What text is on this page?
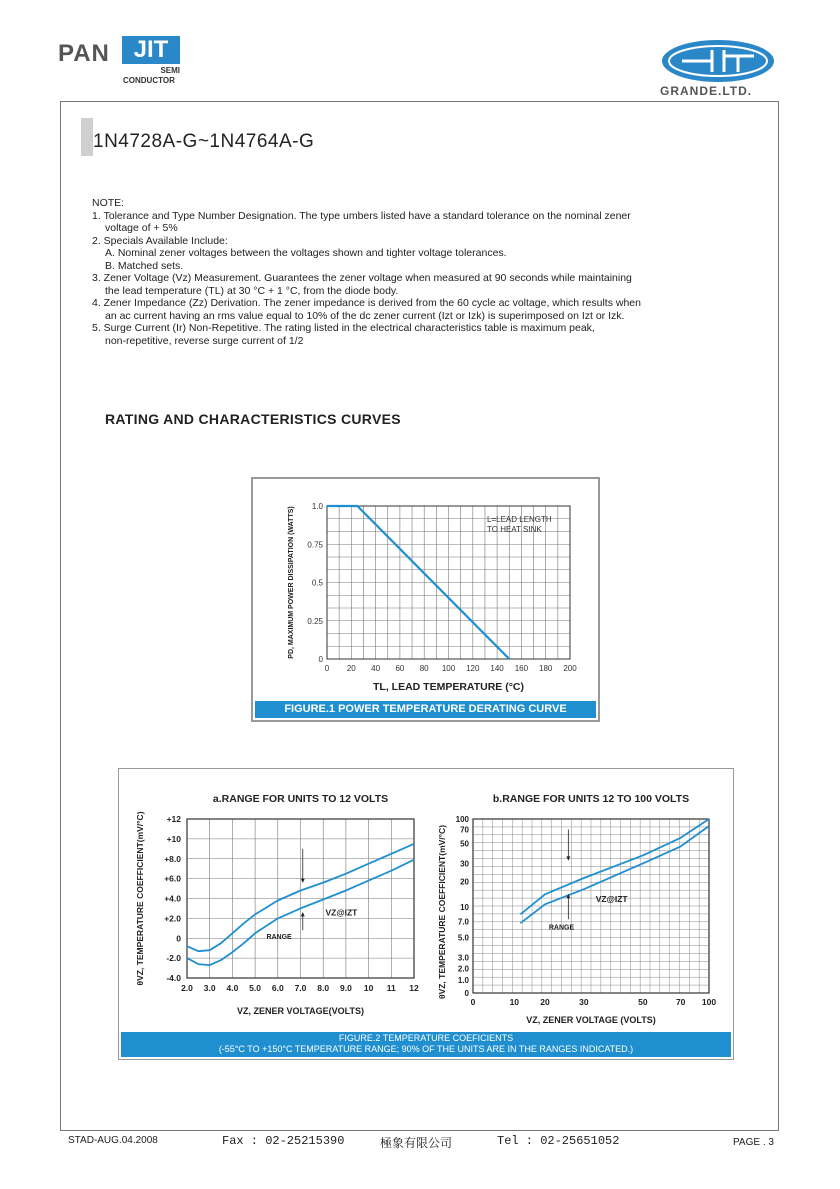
PAN JIT
SEMI
CONDUCTOR
GRANDE.LTD.
1N4728A-G~1N4764A-G
NOTE:
1. Tolerance and Type Number Designation. The type umbers listed have a standard tolerance on the nominal zener
voltage of + 5%
2. Specials Available Include:
A. Nominal zener voltages between the voltages shown and tighter voltage tolerances.
B. Matched sets.
3. Zener Voltage (Vz) Measurement. Guarantees the zener voltage when measured at 90 seconds while maintaining
the lead temperature (TL) at 30 °C + 1 °C, from the diode body.
4. Zener Impedance (Zz) Derivation. The zener impedance is derived from the 60 cycle ac voltage, which results when
an ac current having an rms value equal to 10% of the dc zener current (Izt or Izk) is superimposed on Izt or Izk.
5. Surge Current (Ir) Non-Repetitive. The rating listed in the electrical characteristics table is maximum peak,
non-repetitive, reverse surge current of 1/2
RATING AND CHARACTERISTICS CURVES
0 20 40 60 80 100 120 140 160 180 200
0
0.25
0.5
0.75
1.0
L=LEAD LENGTH
TO HEAT SINK
TL, LEAD TEMPERATURE (°C)
PD, MAXIMUM POWER DISSIPATION (WATTS)
FIGURE.1 POWER TEMPERATURE DERATING CURVE
2.0 3.0 4.0 5.0 6.0 7.0 8.0 9.0 10 11 12
-4.0
-2.0
0
+2.0
+4.0
+6.0
+8.0
+10
+12
VZ@IZT
RANGE
a.RANGE FOR UNITS TO 12 VOLTS
VZ, ZENER VOLTAGE(VOLTS)
θVZ, TEMPERATURE COEFFICIENT(mV/°C)
0	10 20	30	50	70 100
0
1.0
2.0
3.0
5.0
7.0
10
20
30
50
70
100
VZ@IZT
RANGE
b.RANGE FOR UNITS 12 TO 100 VOLTS
VZ, ZENER VOLTAGE (VOLTS)
θVZ, TEMPERATURE COEFFICIENT(mV/°C)
FIGURE.2 TEMPERATURE COEFICIENTS
(-55°C TO +150°C TEMPERATURE RANGE; 90% OF THE UNITS ARE IN THE RANGES INDICATED.)
STAD-AUG.04.2008	Fax : 02-25215390	極象有限公司	Tel : 02-25651052	PAGE . 3
